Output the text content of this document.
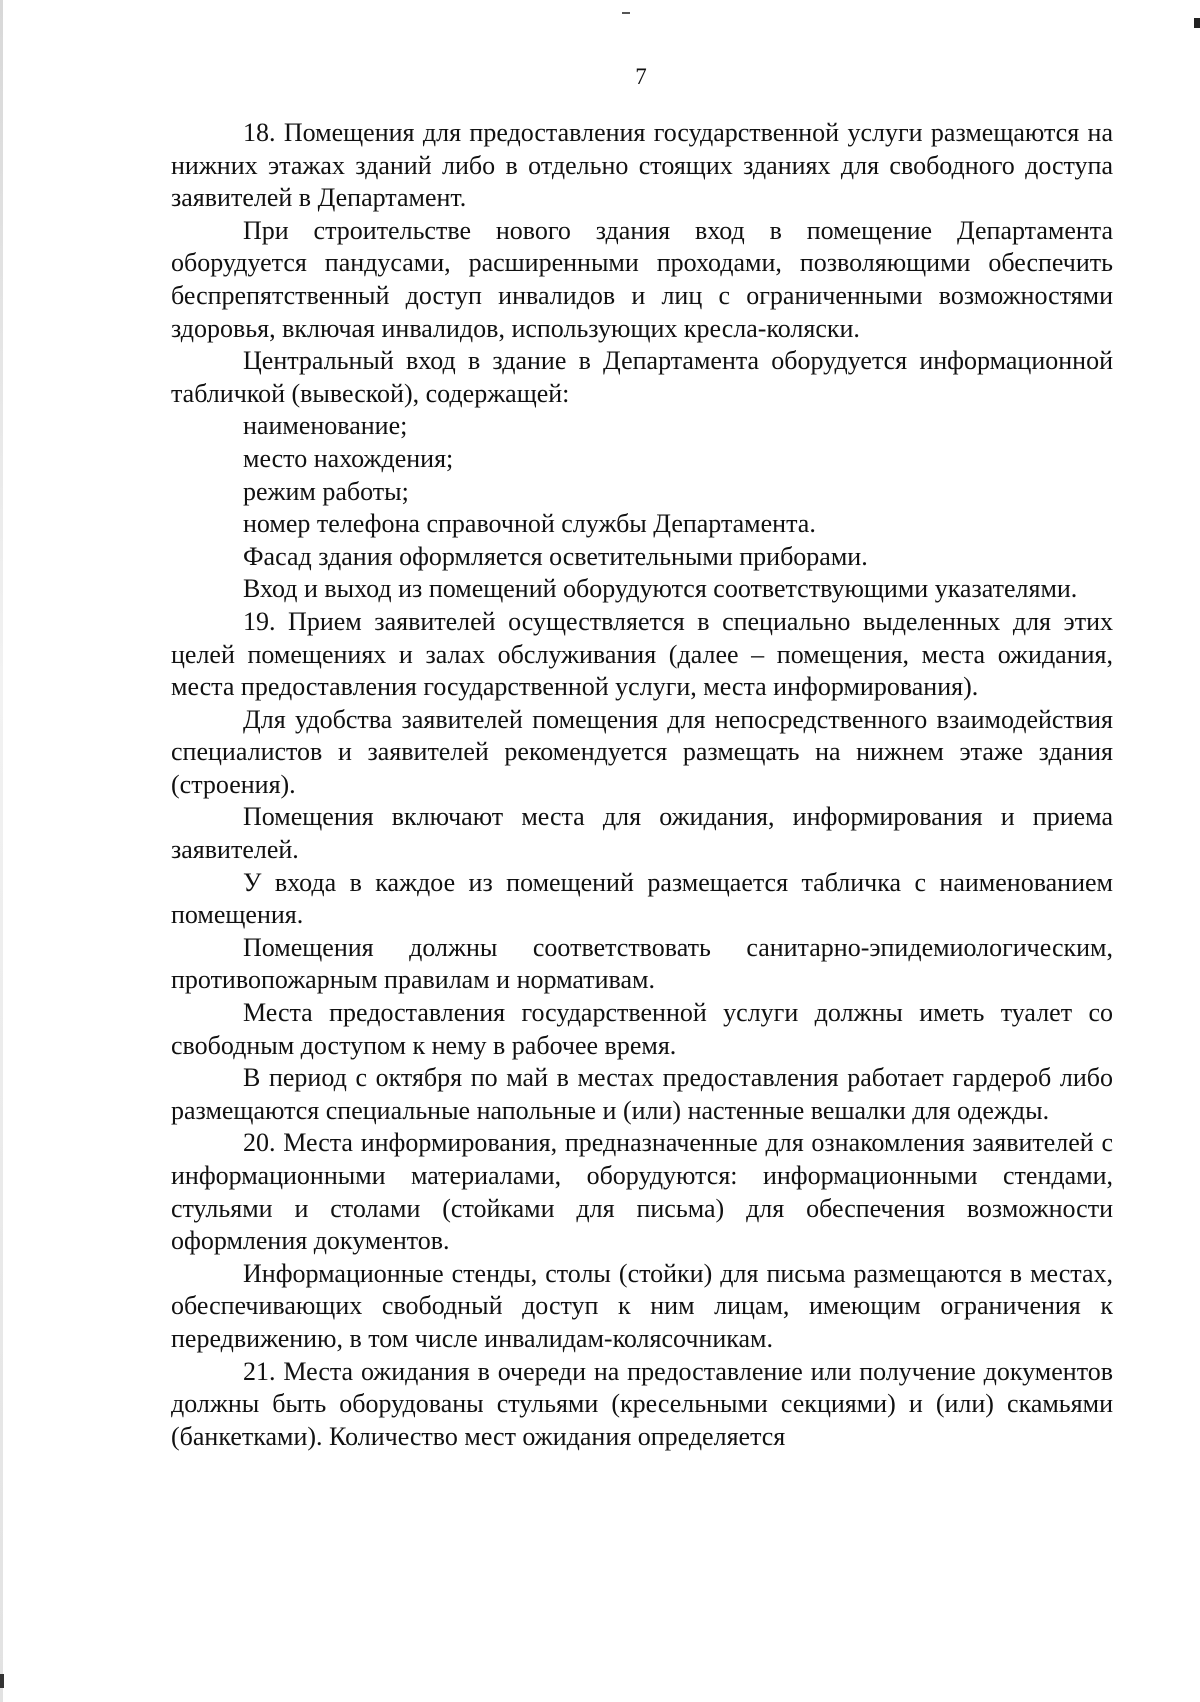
7

18. Помещения для предоставления государственной услуги размещаются на нижних этажах зданий либо в отдельно стоящих зданиях для свободного доступа заявителей в Департамент.

При строительстве нового здания вход в помещение Департамента оборудуется пандусами, расширенными проходами, позволяющими обеспечить беспрепятственный доступ инвалидов и лиц с ограниченными возможностями здоровья, включая инвалидов, использующих кресла-коляски.

Центральный вход в здание в Департамента оборудуется информационной табличкой (вывеской), содержащей:

наименование;

место нахождения;

режим работы;

номер телефона справочной службы Департамента.

Фасад здания оформляется осветительными приборами.

Вход и выход из помещений оборудуются соответствующими указателями.

19. Прием заявителей осуществляется в специально выделенных для этих целей помещениях и залах обслуживания (далее – помещения, места ожидания, места предоставления государственной услуги, места информирования).

Для удобства заявителей помещения для непосредственного взаимодействия специалистов и заявителей рекомендуется размещать на нижнем этаже здания (строения).

Помещения включают места для ожидания, информирования и приема заявителей.

У входа в каждое из помещений размещается табличка с наименованием помещения.

Помещения должны соответствовать санитарно-эпидемиологическим, противопожарным правилам и нормативам.

Места предоставления государственной услуги должны иметь туалет со свободным доступом к нему в рабочее время.

В период с октября по май в местах предоставления работает гардероб либо размещаются специальные напольные и (или) настенные вешалки для одежды.

20. Места информирования, предназначенные для ознакомления заявителей с информационными материалами, оборудуются: информационными стендами, стульями и столами (стойками для письма) для обеспечения возможности оформления документов.

Информационные стенды, столы (стойки) для письма размещаются в местах, обеспечивающих свободный доступ к ним лицам, имеющим ограничения к передвижению, в том числе инвалидам-колясочникам.

21. Места ожидания в очереди на предоставление или получение документов должны быть оборудованы стульями (кресельными секциями) и (или) скамьями (банкетками). Количество мест ожидания определяется
